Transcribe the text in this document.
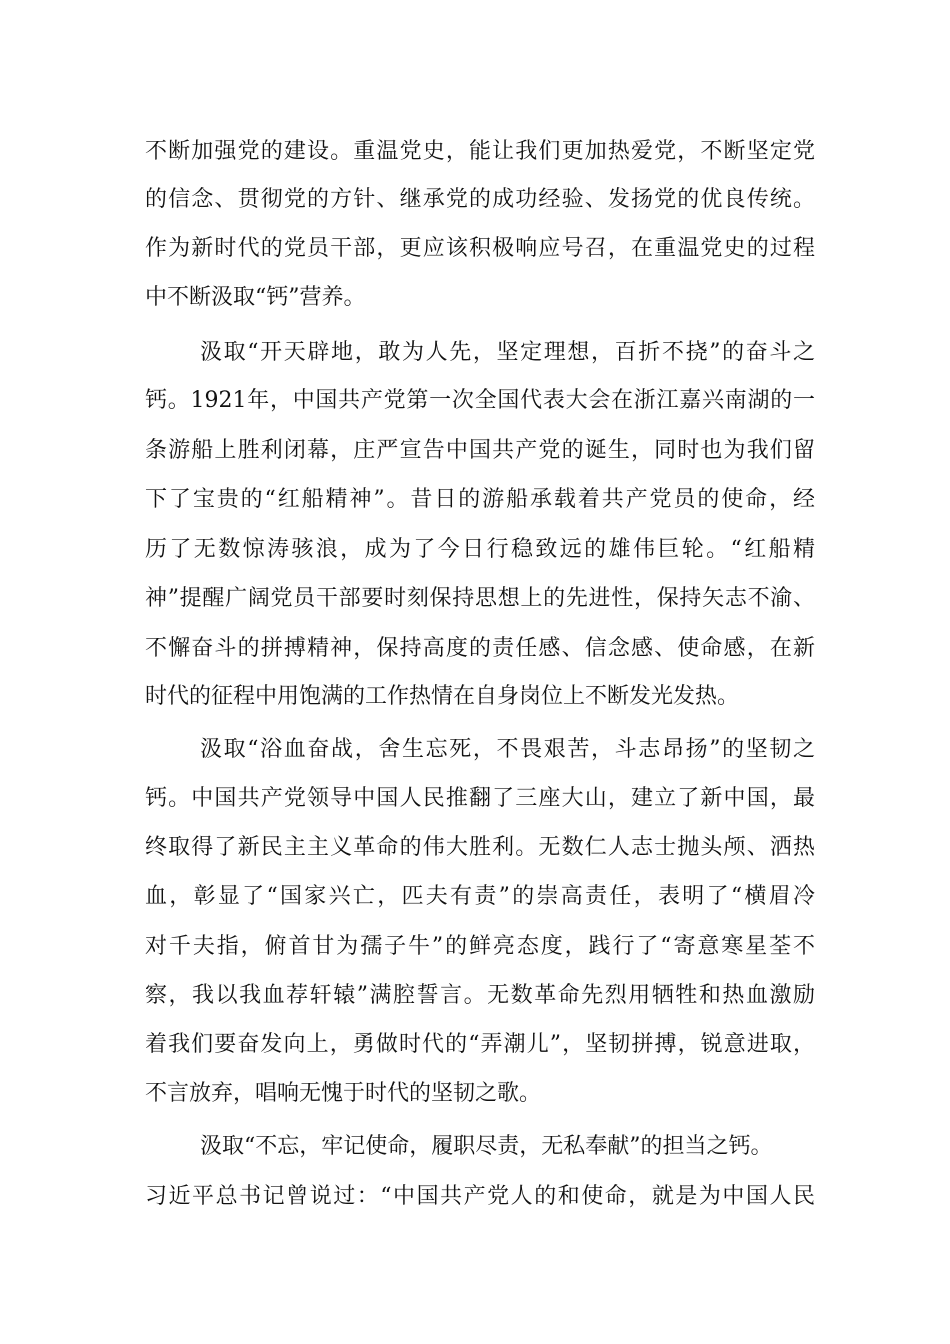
不断加强党的建设。重温党史，能让我们更加热爱党，不断坚定党
的信念、贯彻党的方针、继承党的成功经验、发扬党的优良传统。
作为新时代的党员干部，更应该积极响应号召，在重温党史的过程
中不断汲取“钙”营养。
汲取“开天辟地，敢为人先，坚定理想，百折不挠”的奋斗之
钙。1921年，中国共产党第一次全国代表大会在浙江嘉兴南湖的一
条游船上胜利闭幕，庄严宣告中国共产党的诞生，同时也为我们留
下了宝贵的“红船精神”。昔日的游船承载着共产党员的使命，经
历了无数惊涛骇浪，成为了今日行稳致远的雄伟巨轮。“红船精
神”提醒广阔党员干部要时刻保持思想上的先进性，保持矢志不渝、
不懈奋斗的拼搏精神，保持高度的责任感、信念感、使命感，在新
时代的征程中用饱满的工作热情在自身岗位上不断发光发热。
汲取“浴血奋战，舍生忘死，不畏艰苦，斗志昂扬”的坚韧之
钙。中国共产党领导中国人民推翻了三座大山，建立了新中国，最
终取得了新民主主义革命的伟大胜利。无数仁人志士抛头颅、洒热
血，彰显了“国家兴亡，匹夫有责”的崇高责任，表明了“横眉冷
对千夫指，俯首甘为孺子牛”的鲜亮态度，践行了“寄意寒星荃不
察，我以我血荐轩辕”满腔誓言。无数革命先烈用牺牲和热血激励
着我们要奋发向上，勇做时代的“弄潮儿”，坚韧拼搏，锐意进取，
不言放弃，唱响无愧于时代的坚韧之歌。
汲取“不忘，牢记使命，履职尽责，无私奉献”的担当之钙。
习近平总书记曾说过：“中国共产党人的和使命，就是为中国人民
